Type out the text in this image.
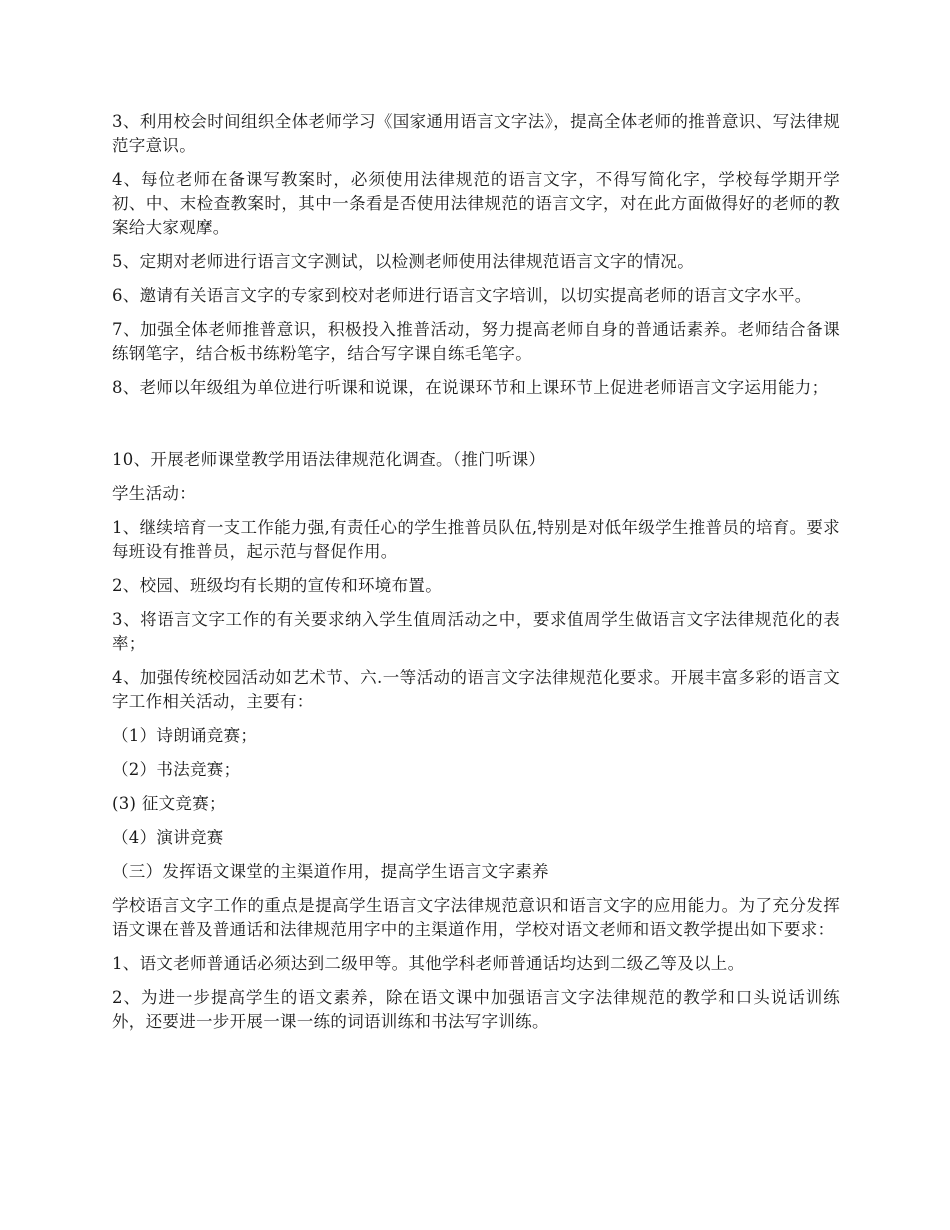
3、利用校会时间组织全体老师学习《国家通用语言文字法》，提高全体老师的推普意识、写法律规范字意识。

4、每位老师在备课写教案时，必须使用法律规范的语言文字，不得写简化字，学校每学期开学初、中、末检查教案时，其中一条看是否使用法律规范的语言文字，对在此方面做得好的老师的教案给大家观摩。

5、定期对老师进行语言文字测试，以检测老师使用法律规范语言文字的情况。

6、邀请有关语言文字的专家到校对老师进行语言文字培训，以切实提高老师的语言文字水平。

7、加强全体老师推普意识，积极投入推普活动，努力提高老师自身的普通话素养。老师结合备课练钢笔字，结合板书练粉笔字，结合写字课自练毛笔字。

8、老师以年级组为单位进行听课和说课，在说课环节和上课环节上促进老师语言文字运用能力；

10、开展老师课堂教学用语法律规范化调查。（推门听课）

学生活动：

1、继续培育一支工作能力强,有责任心的学生推普员队伍,特别是对低年级学生推普员的培育。要求每班设有推普员，起示范与督促作用。

2、校园、班级均有长期的宣传和环境布置。

3、将语言文字工作的有关要求纳入学生值周活动之中，要求值周学生做语言文字法律规范化的表率；

4、加强传统校园活动如艺术节、六.一等活动的语言文字法律规范化要求。开展丰富多彩的语言文字工作相关活动，主要有：

（1）诗朗诵竞赛；

（2）书法竞赛；

(3) 征文竞赛；

（4）演讲竞赛

（三）发挥语文课堂的主渠道作用，提高学生语言文字素养

学校语言文字工作的重点是提高学生语言文字法律规范意识和语言文字的应用能力。为了充分发挥语文课在普及普通话和法律规范用字中的主渠道作用，学校对语文老师和语文教学提出如下要求：

1、语文老师普通话必须达到二级甲等。其他学科老师普通话均达到二级乙等及以上。

2、为进一步提高学生的语文素养，除在语文课中加强语言文字法律规范的教学和口头说话训练外，还要进一步开展一课一练的词语训练和书法写字训练。
